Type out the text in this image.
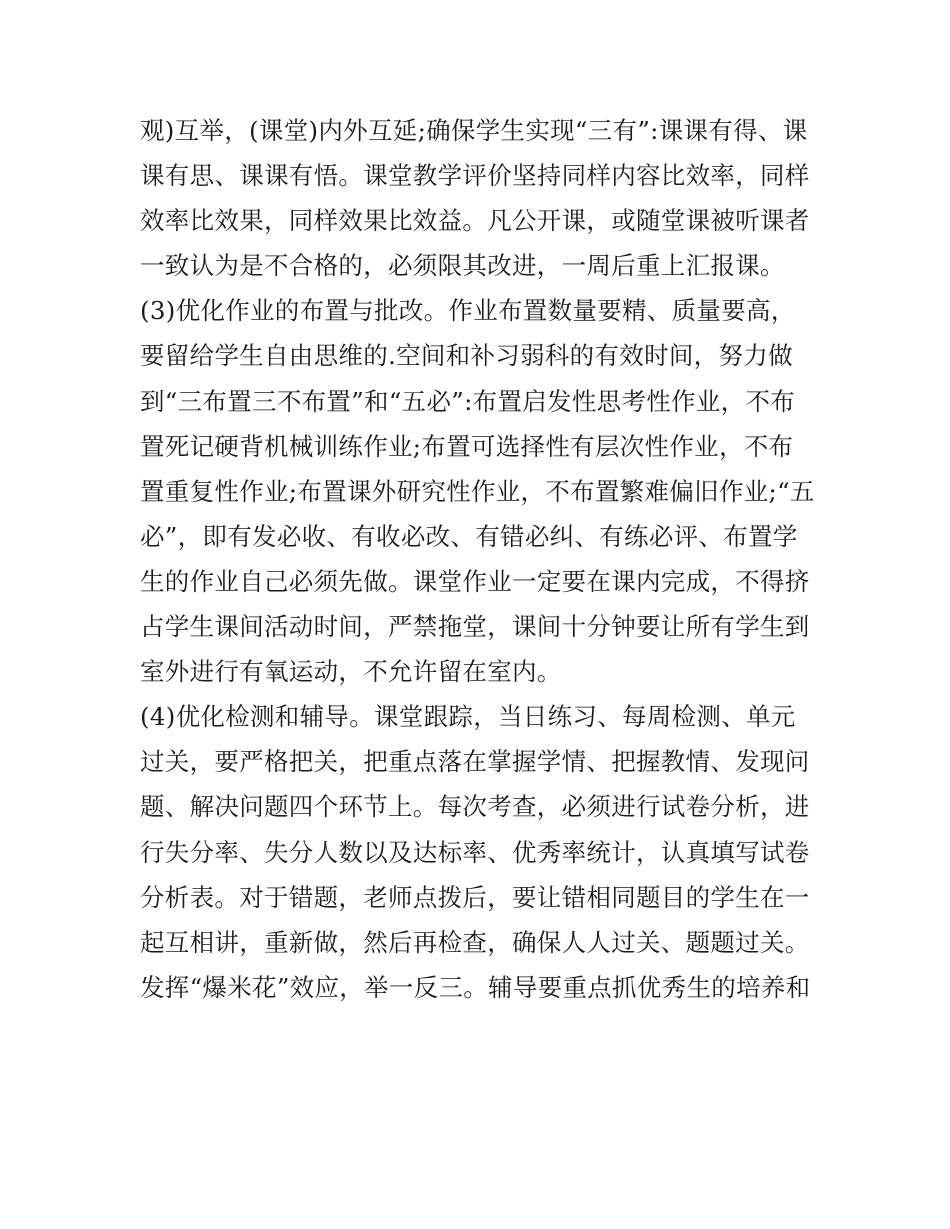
观)互举，(课堂)内外互延;确保学生实现“三有”:课课有得、课
课有思、课课有悟。课堂教学评价坚持同样内容比效率，同样
效率比效果，同样效果比效益。凡公开课，或随堂课被听课者
一致认为是不合格的，必须限其改进，一周后重上汇报课。
(3)优化作业的布置与批改。作业布置数量要精、质量要高，
要留给学生自由思维的.空间和补习弱科的有效时间，努力做
到“三布置三不布置”和“五必”:布置启发性思考性作业，不布
置死记硬背机械训练作业;布置可选择性有层次性作业，不布
置重复性作业;布置课外研究性作业，不布置繁难偏旧作业;“五
必”，即有发必收、有收必改、有错必纠、有练必评、布置学
生的作业自己必须先做。课堂作业一定要在课内完成，不得挤
占学生课间活动时间，严禁拖堂，课间十分钟要让所有学生到
室外进行有氧运动，不允许留在室内。
(4)优化检测和辅导。课堂跟踪，当日练习、每周检测、单元
过关，要严格把关，把重点落在掌握学情、把握教情、发现问
题、解决问题四个环节上。每次考查，必须进行试卷分析，进
行失分率、失分人数以及达标率、优秀率统计，认真填写试卷
分析表。对于错题，老师点拨后，要让错相同题目的学生在一
起互相讲，重新做，然后再检查，确保人人过关、题题过关。
发挥“爆米花”效应，举一反三。辅导要重点抓优秀生的培养和
